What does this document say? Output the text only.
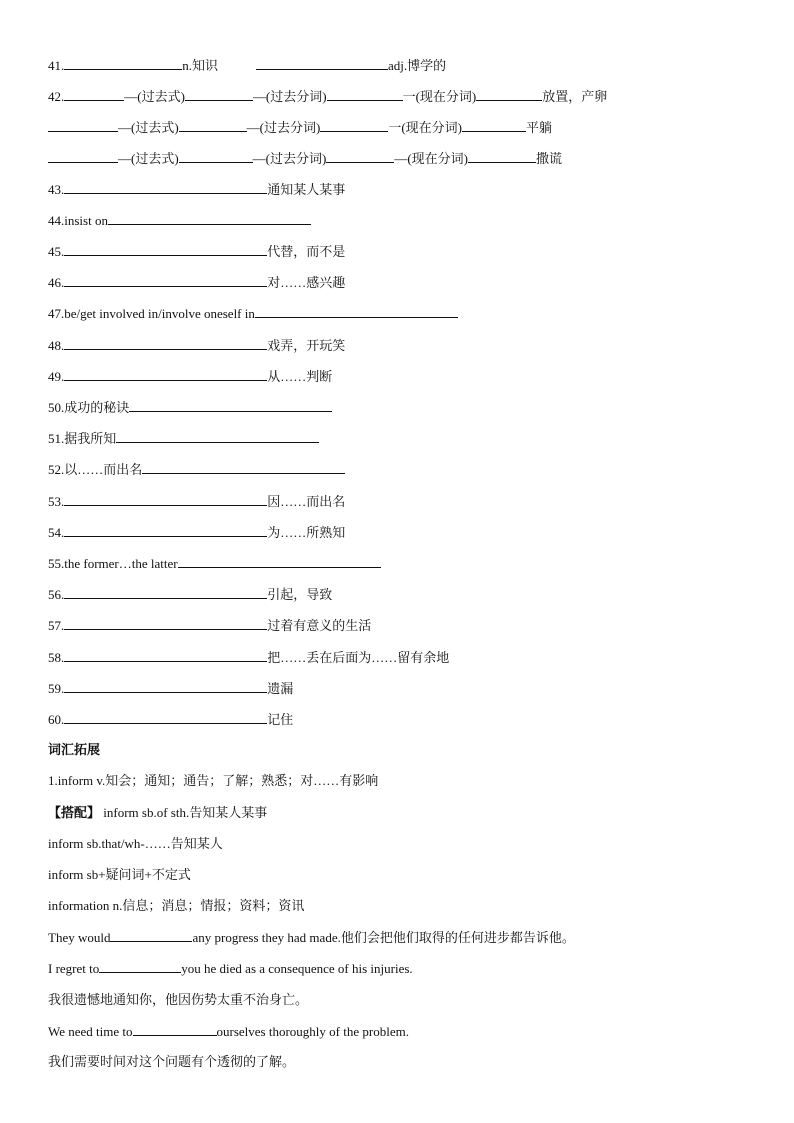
41.	n.知识	adj.博学的
42.	—(过去式)	—(过去分词)	一(现在分词)	放置，产卵
—(过去式)	—(过去分词)	一(现在分词)	平躺
—(过去式)	—(过去分词)	—(现在分词)	撒谎
43.	通知某人某事
44.insist on
45.	代替，而不是
46.	对……感兴趣
47.be/get involved in/involve oneself in
48.	戏弄，开玩笑
49.	从……判断
50.成功的秘诀
51.据我所知
52.以……而出名
53.	因……而出名
54.	为……所熟知
55.the former…the latter
56.	引起，导致
57.	过着有意义的生活
58.	把……丢在后面为……留有余地
59.	遗漏
60.	记住
词汇拓展
1.inform v.知会；通知；通告；了解；熟悉；对……有影响
【搭配】 inform sb.of sth.告知某人某事
inform sb.that/wh-……告知某人
inform sb+疑问词+不定式
information n.信息；消息；情报；资料；资讯
They would	any progress they had made.他们会把他们取得的任何进步都告诉他。
I regret to	you he died as a consequence of his injuries.
我很遗憾地通知你，他因伤势太重不治身亡。
We need time to	ourselves thoroughly of the problem.
我们需要时间对这个问题有个透彻的了解。
